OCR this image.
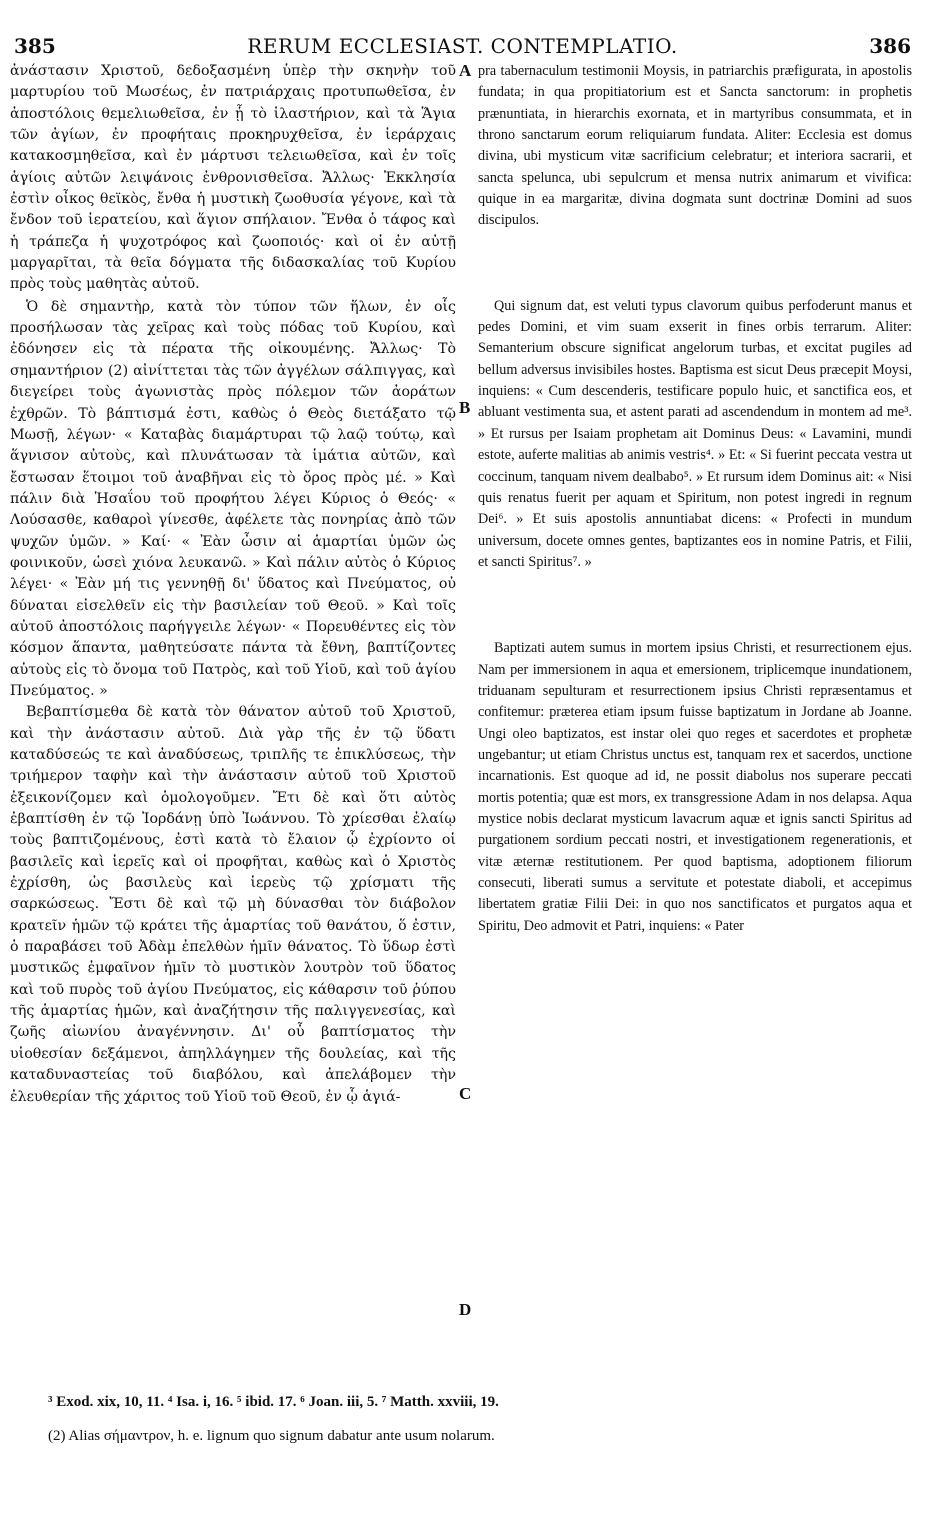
385	RERUM ECCLESIAST. CONTEMPLATIO.	386

ἀνάστασιν Χριστοῦ, δεδοξασμένη ὑπὲρ τὴν σκηνὴν τοῦ μαρτυρίου τοῦ Μωσέως, ἐν πατριάρχαις προτυπωθεῖσα, ἐν ἀποστόλοις θεμελιωθεῖσα, ἐν ᾗ τὸ ἱλαστήριον, καὶ τὰ Ἅγια τῶν ἁγίων, ἐν προφήταις προκηρυχθεῖσα, ἐν ἱεράρχαις κατακοσμηθεῖσα, καὶ ἐν μάρτυσι τελειωθεῖσα, καὶ ἐν τοῖς ἁγίοις αὐτῶν λειψάνοις ἐνθρονισθεῖσα. Ἄλλως· Ἐκκλησία ἐστὶν οἶκος θεϊκὸς, ἔνθα ἡ μυστικὴ ζωοθυσία γέγονε, καὶ τὰ ἔνδον τοῦ ἱερατείου, καὶ ἅγιον σπήλαιον. Ἔνθα ὁ τάφος καὶ ἡ τράπεζα ἡ ψυχοτρόφος καὶ ζωοποιός· καὶ οἱ ἐν αὐτῇ μαργαρῖται, τὰ θεῖα δόγματα τῆς διδασκαλίας τοῦ Κυρίου πρὸς τοὺς μαθητὰς αὐτοῦ.

Ὁ δὲ σημαντὴρ, κατὰ τὸν τύπον τῶν ἥλων, ἐν οἷς προσήλωσαν τὰς χεῖρας καὶ τοὺς πόδας τοῦ Κυρίου, καὶ ἐδόνησεν εἰς τὰ πέρατα τῆς οἰκουμένης. Ἄλλως· Τὸ σημαντήριον (2) αἰνίττεται τὰς τῶν ἀγγέλων σάλπιγγας, καὶ διεγείρει τοὺς ἀγωνιστὰς πρὸς πόλεμον τῶν ἀοράτων ἐχθρῶν. Τὸ βάπτισμά ἐστι, καθὼς ὁ Θεὸς διετάξατο τῷ Μωσῇ, λέγων· « Καταβὰς διαμάρτυραι τῷ λαῷ τούτῳ, καὶ ἅγνισον αὐτοὺς, καὶ πλυνάτωσαν τὰ ἱμάτια αὐτῶν, καὶ ἔστωσαν ἕτοιμοι τοῦ ἀναβῆναι εἰς τὸ ὄρος πρὸς μέ. » Καὶ πάλιν διὰ Ἡσαΐου τοῦ προφήτου λέγει Κύριος ὁ Θεός· « Λούσασθε, καθαροὶ γίνεσθε, ἀφέλετε τὰς πονηρίας ἀπὸ τῶν ψυχῶν ὑμῶν. » Καί· « Ἐὰν ὦσιν αἱ ἁμαρτίαι ὑμῶν ὡς φοινικοῦν, ὡσεὶ χιόνα λευκανῶ. » Καὶ πάλιν αὐτὸς ὁ Κύριος λέγει· « Ἐὰν μή τις γεννηθῇ δι' ὕδατος καὶ Πνεύματος, οὐ δύναται εἰσελθεῖν εἰς τὴν βασιλείαν τοῦ Θεοῦ. » Καὶ τοῖς αὐτοῦ ἀποστόλοις παρήγγειλε λέγων· « Πορευθέντες εἰς τὸν κόσμον ἅπαντα, μαθητεύσατε πάντα τὰ ἔθνη, βαπτίζοντες αὐτοὺς εἰς τὸ ὄνομα τοῦ Πατρὸς, καὶ τοῦ Υἱοῦ, καὶ τοῦ ἁγίου Πνεύματος. »

Βεβαπτίσμεθα δὲ κατὰ τὸν θάνατον αὐτοῦ τοῦ Χριστοῦ, καὶ τὴν ἀνάστασιν αὐτοῦ. Διὰ γὰρ τῆς ἐν τῷ ὕδατι καταδύσεώς τε καὶ ἀναδύσεως, τριπλῆς τε ἐπικλύσεως, τὴν τριήμερον ταφὴν καὶ τὴν ἀνάστασιν αὐτοῦ τοῦ Χριστοῦ ἐξεικονίζομεν καὶ ὁμολογοῦμεν. Ἔτι δὲ καὶ ὅτι αὐτὸς ἐβαπτίσθη ἐν τῷ Ἰορδάνῃ ὑπὸ Ἰωάννου. Τὸ χρίεσθαι ἐλαίῳ τοὺς βαπτιζομένους, ἐστὶ κατὰ τὸ ἔλαιον ᾧ ἐχρίοντο οἱ βασιλεῖς καὶ ἱερεῖς καὶ οἱ προφῆται, καθὼς καὶ ὁ Χριστὸς ἐχρίσθη, ὡς βασιλεὺς καὶ ἱερεὺς τῷ χρίσματι τῆς σαρκώσεως. Ἔστι δὲ καὶ τῷ μὴ δύνασθαι τὸν διάβολον κρατεῖν ἡμῶν τῷ κράτει τῆς ἁμαρτίας τοῦ θανάτου, ὅ ἐστιν, ὁ παραβάσει τοῦ Ἀδὰμ ἐπελθὼν ἡμῖν θάνατος. Τὸ ὕδωρ ἐστὶ μυστικῶς ἐμφαῖνον ἡμῖν τὸ μυστικὸν λουτρὸν τοῦ ὕδατος καὶ τοῦ πυρὸς τοῦ ἁγίου Πνεύματος, εἰς κάθαρσιν τοῦ ῥύπου τῆς ἁμαρτίας ἡμῶν, καὶ ἀναζήτησιν τῆς παλιγγενεσίας, καὶ ζωῆς αἰωνίου ἀναγέννησιν. Δι' οὗ βαπτίσματος τὴν υἱοθεσίαν δεξάμενοι, ἀπηλλάγημεν τῆς δουλείας, καὶ τῆς καταδυναστείας τοῦ διαβόλου, καὶ ἀπελάβομεν τὴν ἐλευθερίαν τῆς χάριτος τοῦ Υἱοῦ τοῦ Θεοῦ, ἐν ᾧ ἁγιά-

A
B
C
D

pra tabernaculum testimonii Moysis, in patriarchis præfigurata, in apostolis fundata; in qua propitiatorium est et Sancta sanctorum: in prophetis prænuntiata, in hierarchis exornata, et in martyribus consummata, et in throno sanctarum eorum reliquiarum fundata. Aliter: Ecclesia est domus divina, ubi mysticum vitæ sacrificium celebratur; et interiora sacrarii, et sancta spelunca, ubi sepulcrum et mensa nutrix animarum et vivifica: quique in ea margaritæ, divina dogmata sunt doctrinæ Domini ad suos discipulos.

Qui signum dat, est veluti typus clavorum quibus perfoderunt manus et pedes Domini, et vim suam exserit in fines orbis terrarum. Aliter: Semanterium obscure significat angelorum turbas, et excitat pugiles ad bellum adversus invisibiles hostes. Baptisma est sicut Deus præcepit Moysi, inquiens: « Cum descenderis, testificare populo huic, et sanctifica eos, et abluant vestimenta sua, et astent parati ad ascendendum in montem ad me³. » Et rursus per Isaiam prophetam ait Dominus Deus: « Lavamini, mundi estote, auferte malitias ab animis vestris⁴. » Et: « Si fuerint peccata vestra ut coccinum, tanquam nivem dealbabo⁵. » Et rursum idem Dominus ait: « Nisi quis renatus fuerit per aquam et Spiritum, non potest ingredi in regnum Dei⁶. » Et suis apostolis annuntiabat dicens: « Profecti in mundum universum, docete omnes gentes, baptizantes eos in nomine Patris, et Filii, et sancti Spiritus⁷. »

Baptizati autem sumus in mortem ipsius Christi, et resurrectionem ejus. Nam per immersionem in aqua et emersionem, triplicemque inundationem, triduanam sepulturam et resurrectionem ipsius Christi repræsentamus et confitemur: præterea etiam ipsum fuisse baptizatum in Jordane ab Joanne. Ungi oleo baptizatos, est instar olei quo reges et sacerdotes et prophetæ ungebantur; ut etiam Christus unctus est, tanquam rex et sacerdos, unctione incarnationis. Est quoque ad id, ne possit diabolus nos superare peccati mortis potentia; quæ est mors, ex transgressione Adam in nos delapsa. Aqua mystice nobis declarat mysticum lavacrum aquæ et ignis sancti Spiritus ad purgationem sordium peccati nostri, et investigationem regenerationis, et vitæ æternæ restitutionem. Per quod baptisma, adoptionem filiorum consecuti, liberati sumus a servitute et potestate diaboli, et accepimus libertatem gratiæ Filii Dei: in quo nos sanctificatos et purgatos aqua et Spiritu, Deo admovit et Patri, inquiens: « Pater

³ Exod. xix, 10, 11. ⁴ Isa. i, 16. ⁵ ibid. 17. ⁶ Joan. iii, 5. ⁷ Matth. xxviii, 19.
(2) Alias σήμαντρον, h. e. lignum quo signum dabatur ante usum nolarum.
